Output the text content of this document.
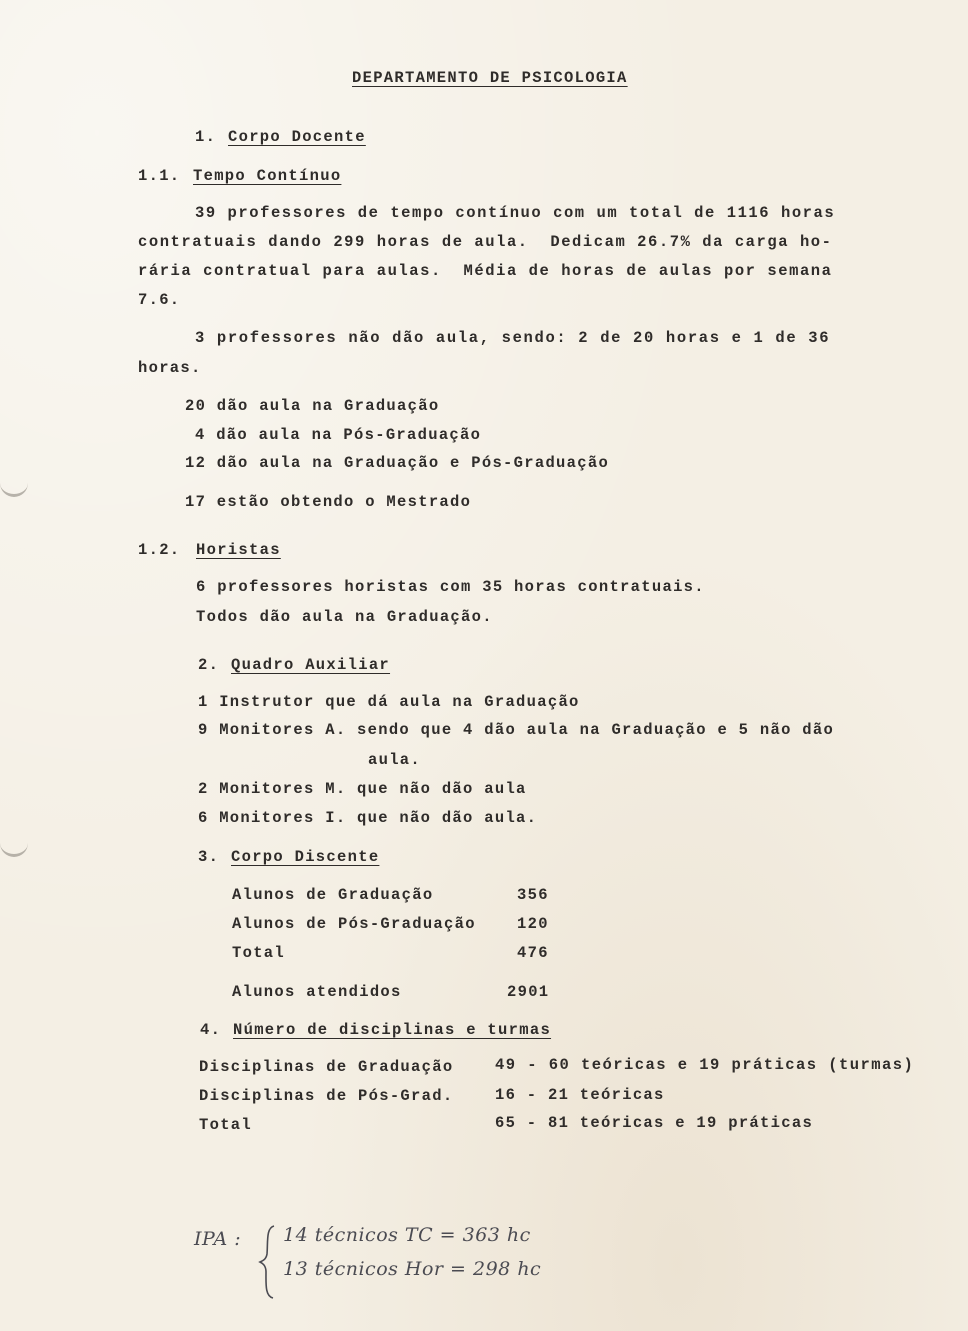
DEPARTAMENTO DE PSICOLOGIA
1. Corpo Docente
1.1. Tempo Contínuo
39 professores de tempo contínuo com um total de 1116 horas
contratuais dando 299 horas de aula.  Dedicam 26.7% da carga ho-
rária contratual para aulas.  Média de horas de aulas por semana
7.6.
3 professores não dão aula, sendo: 2 de 20 horas e 1 de 36
horas.
20 dão aula na Graduação
4 dão aula na Pós-Graduação
12 dão aula na Graduação e Pós-Graduação
17 estão obtendo o Mestrado
1.2. Horistas
6 professores horistas com 35 horas contratuais.
Todos dão aula na Graduação.
2. Quadro Auxiliar
1 Instrutor que dá aula na Graduação
9 Monitores A. sendo que 4 dão aula na Graduação e 5 não dão
aula.
2 Monitores M. que não dão aula
6 Monitores I. que não dão aula.
3. Corpo Discente
Alunos de Graduação	356
Alunos de Pós-Graduação	120
Total	476
Alunos atendidos	2901
4. Número de disciplinas e turmas
Disciplinas de Graduação	49 - 60 teóricas e 19 práticas (turmas)
Disciplinas de Pós-Grad.	16 - 21 teóricas
Total	65 - 81 teóricas e 19 práticas
IPA : 14 técnicos TC = 363 hc
13 técnicos Hor = 298 hc
